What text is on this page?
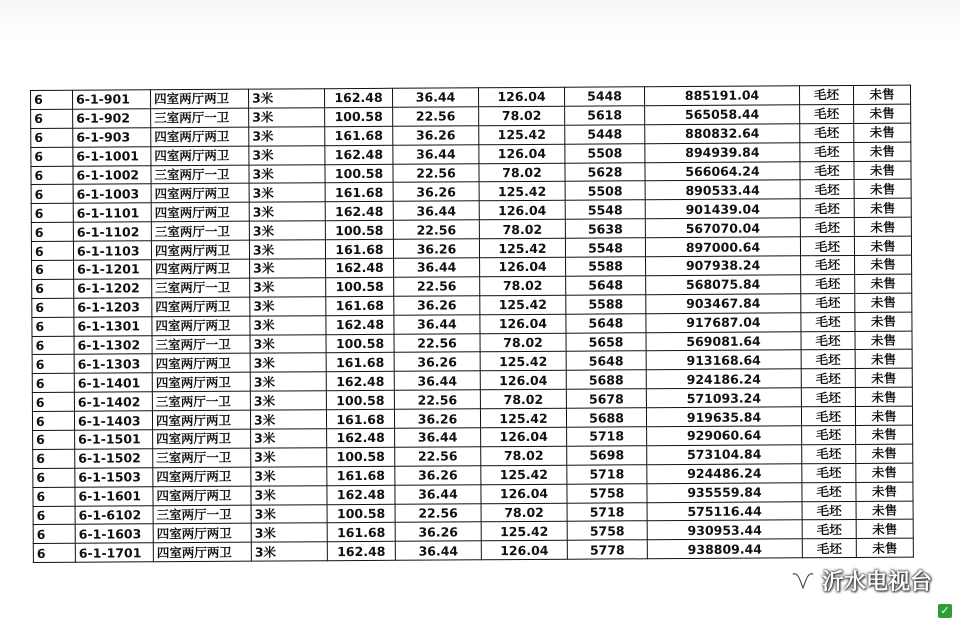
6	6-1-901	四室两厅两卫	3米	162.48	36.44	126.04	5448	885191.04	毛坯	未售
6	6-1-902	三室两厅一卫	3米	100.58	22.56	78.02	5618	565058.44	毛坯	未售
6	6-1-903	四室两厅两卫	3米	161.68	36.26	125.42	5448	880832.64	毛坯	未售
6	6-1-1001	四室两厅两卫	3米	162.48	36.44	126.04	5508	894939.84	毛坯	未售
6	6-1-1002	三室两厅一卫	3米	100.58	22.56	78.02	5628	566064.24	毛坯	未售
6	6-1-1003	四室两厅两卫	3米	161.68	36.26	125.42	5508	890533.44	毛坯	未售
6	6-1-1101	四室两厅两卫	3米	162.48	36.44	126.04	5548	901439.04	毛坯	未售
6	6-1-1102	三室两厅一卫	3米	100.58	22.56	78.02	5638	567070.04	毛坯	未售
6	6-1-1103	四室两厅两卫	3米	161.68	36.26	125.42	5548	897000.64	毛坯	未售
6	6-1-1201	四室两厅两卫	3米	162.48	36.44	126.04	5588	907938.24	毛坯	未售
6	6-1-1202	三室两厅一卫	3米	100.58	22.56	78.02	5648	568075.84	毛坯	未售
6	6-1-1203	四室两厅两卫	3米	161.68	36.26	125.42	5588	903467.84	毛坯	未售
6	6-1-1301	四室两厅两卫	3米	162.48	36.44	126.04	5648	917687.04	毛坯	未售
6	6-1-1302	三室两厅一卫	3米	100.58	22.56	78.02	5658	569081.64	毛坯	未售
6	6-1-1303	四室两厅两卫	3米	161.68	36.26	125.42	5648	913168.64	毛坯	未售
6	6-1-1401	四室两厅两卫	3米	162.48	36.44	126.04	5688	924186.24	毛坯	未售
6	6-1-1402	三室两厅一卫	3米	100.58	22.56	78.02	5678	571093.24	毛坯	未售
6	6-1-1403	四室两厅两卫	3米	161.68	36.26	125.42	5688	919635.84	毛坯	未售
6	6-1-1501	四室两厅两卫	3米	162.48	36.44	126.04	5718	929060.64	毛坯	未售
6	6-1-1502	三室两厅一卫	3米	100.58	22.56	78.02	5698	573104.84	毛坯	未售
6	6-1-1503	四室两厅两卫	3米	161.68	36.26	125.42	5718	924486.24	毛坯	未售
6	6-1-1601	四室两厅两卫	3米	162.48	36.44	126.04	5758	935559.84	毛坯	未售
6	6-1-6102	三室两厅一卫	3米	100.58	22.56	78.02	5718	575116.44	毛坯	未售
6	6-1-1603	四室两厅两卫	3米	161.68	36.26	125.42	5758	930953.44	毛坯	未售
6	6-1-1701	四室两厅两卫	3米	162.48	36.44	126.04	5778	938809.44	毛坯	未售
沂水电视台
✓
